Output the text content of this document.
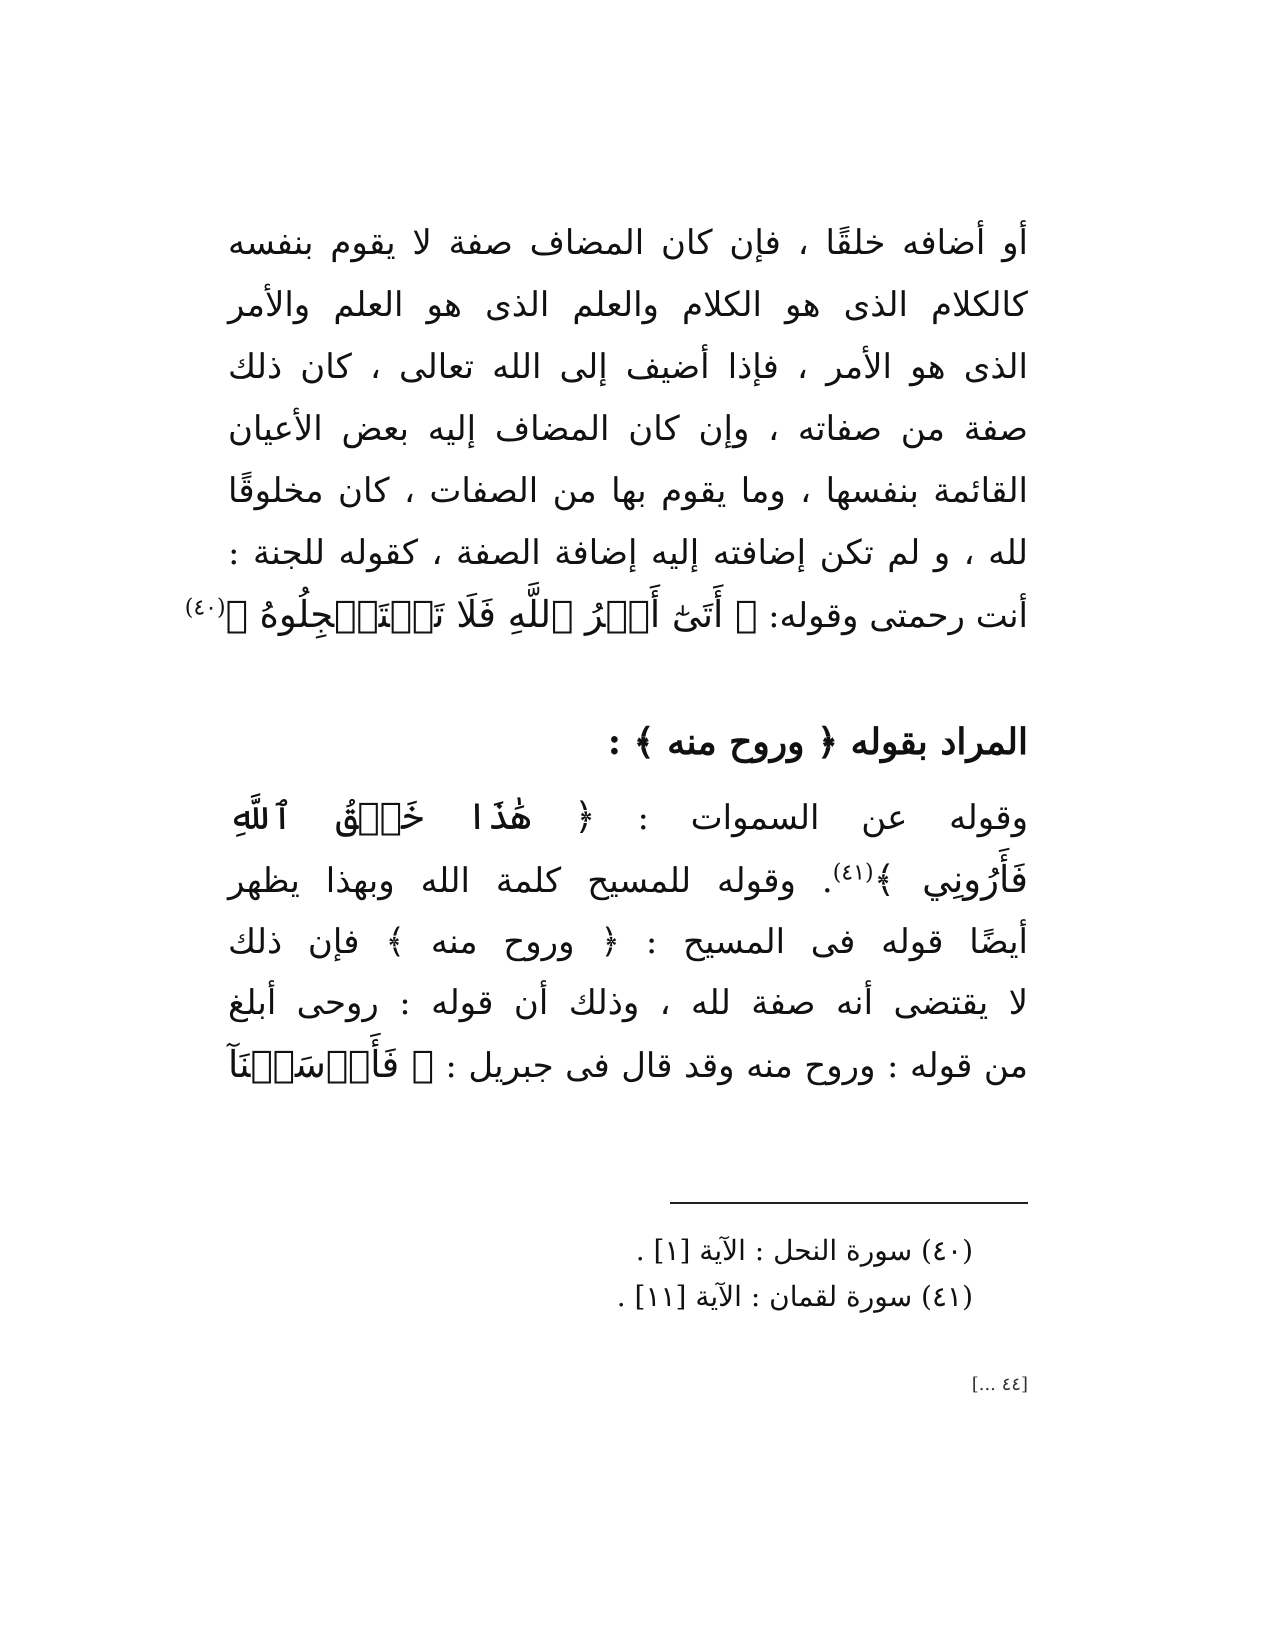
أو أضافه خلقًا ، فإن كان المضاف صفة لا يقوم بنفسه
كالكلام الذى هو الكلام والعلم الذى هو العلم والأمر
الذى هو الأمر ، فإذا أضيف إلى الله تعالى ، كان ذلك
صفة من صفاته ، وإن كان المضاف إليه بعض الأعيان
القائمة بنفسها ، وما يقوم بها من الصفات ، كان مخلوقًا
لله ، و لم تكن إضافته إليه إضافة الصفة ، كقوله للجنة :
أنت رحمتى وقوله: ﴿ أَتَىٰٓ أَمۡرُ ٱللَّهِ فَلَا تَسۡتَعۡجِلُوهُ ﴾$^{(٤٠)}$
المراد بقوله ﴿ وروح منه ﴾ :
وقوله عن السموات : ﴿ هَٰذَا خَلۡقُ ٱللَّهِ
فَأَرُونِي ﴾$^{(٤١)}$. وقوله للمسيح كلمة الله وبهذا يظهر
أيضًا قوله فى المسيح : ﴿ وروح منه ﴾ فإن ذلك
لا يقتضى أنه صفة لله ، وذلك أن قوله : روحى أبلغ
من قوله : وروح منه وقد قال فى جبريل : ﴿ فَأَرۡسَلۡنَآ
(٤٠) سورة النحل : الآية [١] .
(٤١) سورة لقمان : الآية [١١] .
[٤٤ ...]
